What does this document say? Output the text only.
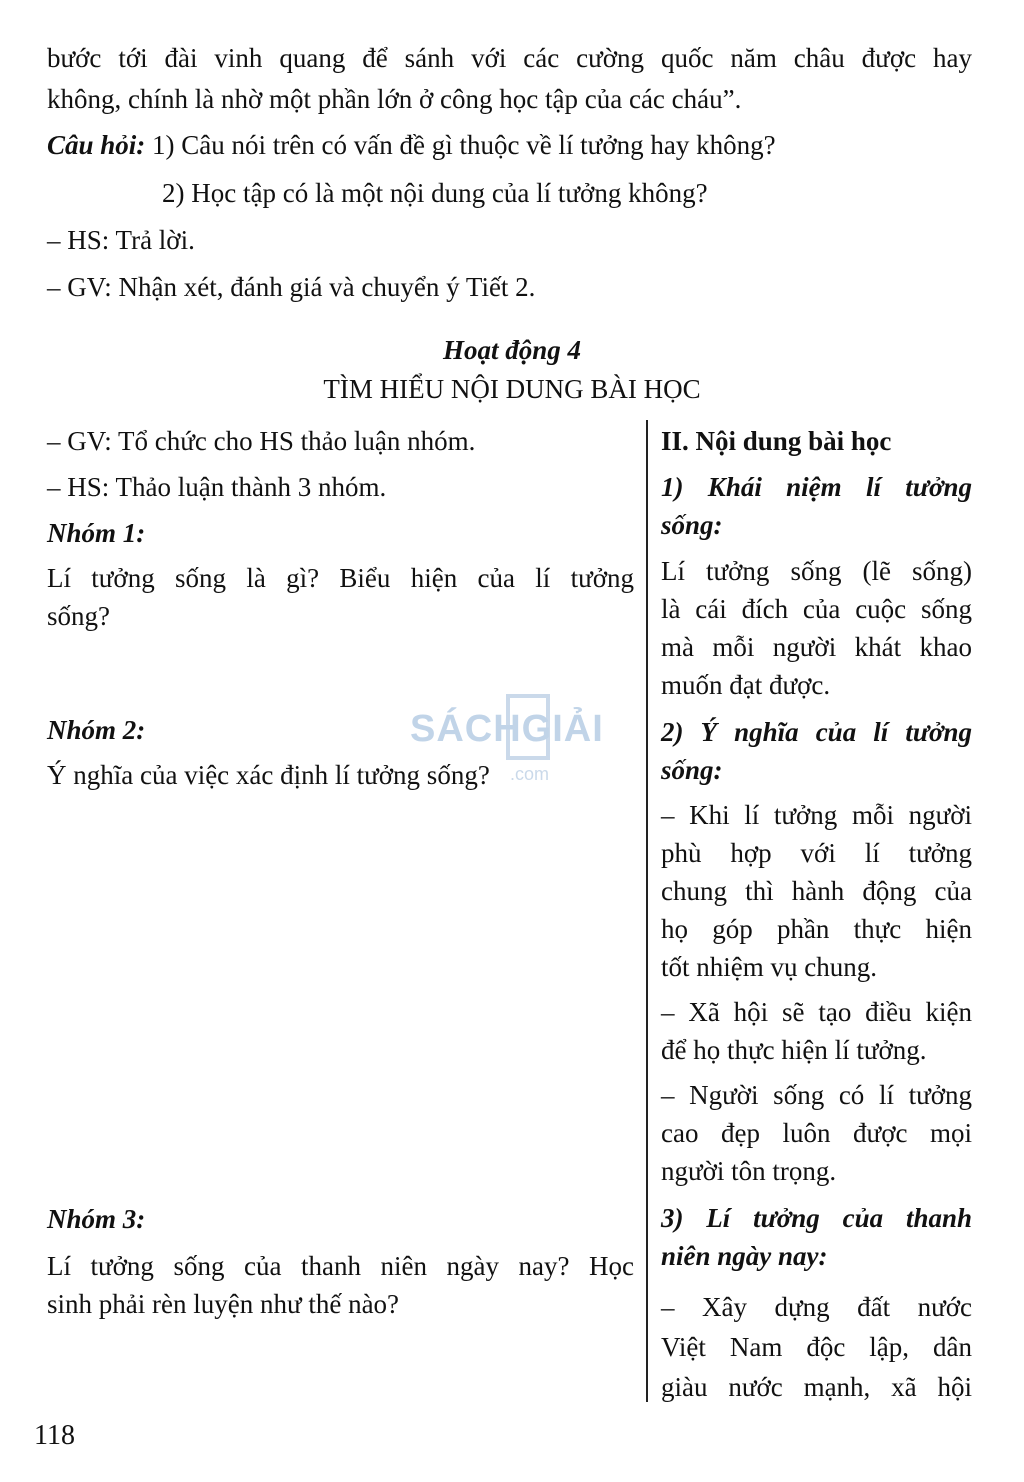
bước tới đài vinh quang để sánh với các cường quốc năm châu được hay
không, chính là nhờ một phần lớn ở công học tập của các cháu”.
Câu hỏi: 1) Câu nói trên có vấn đề gì thuộc về lí tưởng hay không?
2) Học tập có là một nội dung của lí tưởng không?
– HS: Trả lời.
– GV: Nhận xét, đánh giá và chuyển ý Tiết 2.
Hoạt động 4
TÌM HIỂU NỘI DUNG BÀI HỌC
– GV: Tổ chức cho HS thảo luận nhóm.
– HS: Thảo luận thành 3 nhóm.
Nhóm 1:
Lí tưởng sống là gì? Biểu hiện của lí tưởng
sống?
Nhóm 2:
Ý nghĩa của việc xác định lí tưởng sống?
Nhóm 3:
Lí tưởng sống của thanh niên ngày nay? Học
sinh phải rèn luyện như thế nào?
II. Nội dung bài học
1) Khái niệm lí tưởng
sống:
Lí tưởng sống (lẽ sống)
là cái đích của cuộc sống
mà mỗi người khát khao
muốn đạt được.
2) Ý nghĩa của lí tưởng
sống:
– Khi lí tưởng mỗi người
phù hợp với lí tưởng
chung thì hành động của
họ góp phần thực hiện
tốt nhiệm vụ chung.
– Xã hội sẽ tạo điều kiện
để họ thực hiện lí tưởng.
– Người sống có lí tưởng
cao đẹp luôn được mọi
người tôn trọng.
3) Lí tưởng của thanh
niên ngày nay:
– Xây dựng đất nước
Việt Nam độc lập, dân
giàu nước mạnh, xã hội
SÁCHGIẢI
.com
118
